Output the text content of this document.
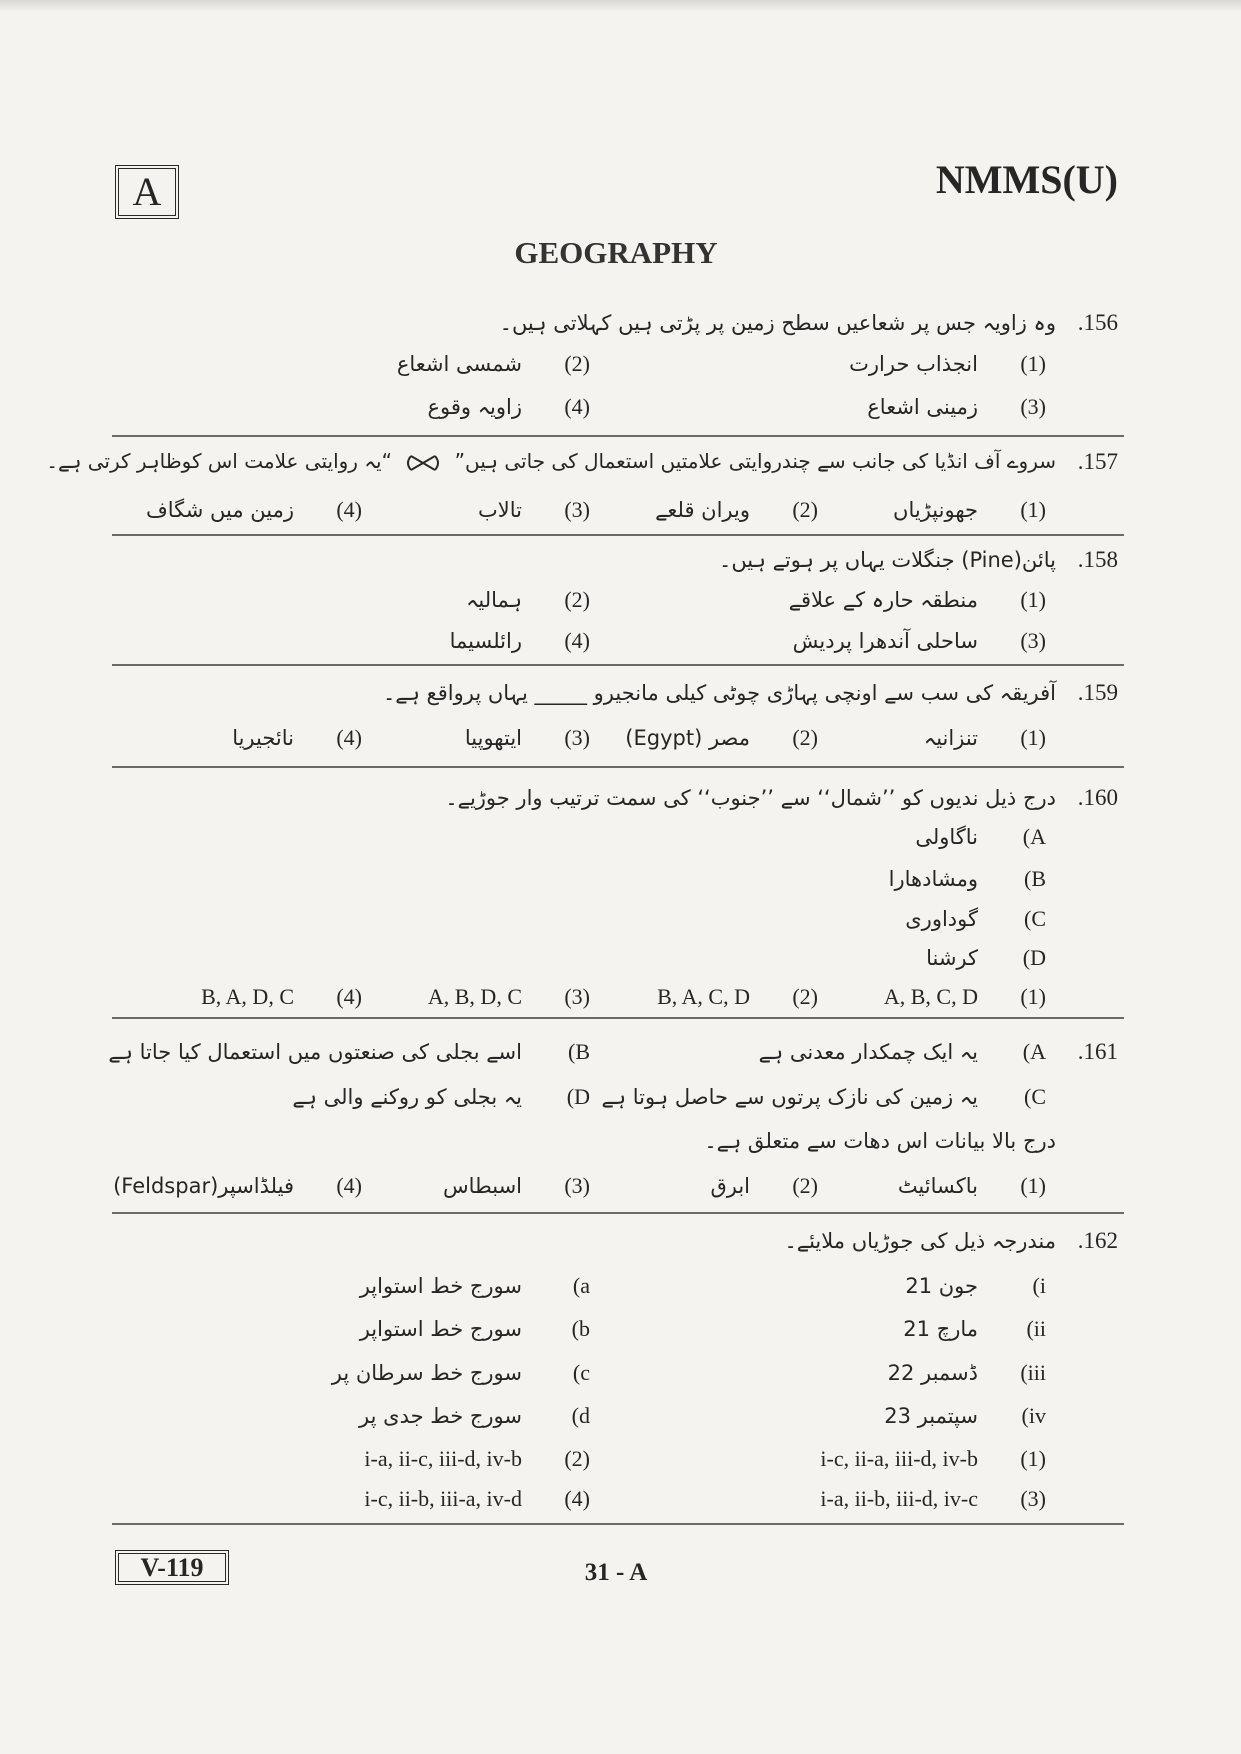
A	NMMS(U)
GEOGRAPHY
156.
وہ زاویہ جس پر شعاعیں سطح زمین پر پڑتی ہیں کہلاتی ہیں۔
(1)
انجذاب حرارت
(2)
شمسی اشعاع
(3)
زمینی اشعاع
(4)
زاویہ وقوع
157.
سروے آف انڈیا کی جانب سے چندروایتی علامتیں استعمال کی جاتی ہیں”  “یہ روایتی علامت اس کوظاہر کرتی ہے۔
(1)
جھونپڑیاں
(2)
ویران قلعے
(3)
تالاب
(4)
زمین میں شگاف
158.
پائن(Pine) جنگلات یہاں پر ہوتے ہیں۔
(1)
منطقہ حارہ کے علاقے
(2)
ہمالیہ
(3)
ساحلی آندھرا پردیش
(4)
رائلسیما
159.
آفریقہ کی سب سے اونچی پہاڑی چوٹی کیلی مانجیرو _____ یہاں پرواقع ہے۔
(1)
تنزانیہ
(2)
مصر (Egypt)
(3)
ایتھوپیا
(4)
نائجیریا
160.
درج ذیل ندیوں کو ’’شمال‘‘ سے ’’جنوب‘‘ کی سمت ترتیب وار جوڑیے۔
A)
ناگاولی
B)
ومشادھارا
C)
گوداوری
D)
کرشنا
(1)
A, B, C, D
(2)
B, A, C, D
(3)
A, B, D, C
(4)
B, A, D, C
161.
A)
یہ ایک چمکدار معدنی ہے
B)
اسے بجلی کی صنعتوں میں استعمال کیا جاتا ہے
C)
یہ زمین کی نازک پرتوں سے حاصل ہوتا ہے
D)
یہ بجلی کو روکنے والی ہے
درج بالا بیانات اس دھات سے متعلق ہے۔
(1)
باکسائیٹ
(2)
ابرق
(3)
اسبطاس
(4)
فیلڈاسپر(Feldspar)
162.
مندرجہ ذیل کی جوڑیاں ملایئے۔
i)
جون 21
a)
سورج خط استواپر
ii)
مارچ 21
b)
سورج خط استواپر
iii)
ڈسمبر 22
c)
سورج خط سرطان پر
iv)
سپتمبر 23
d)
سورج خط جدی پر
(1)
i-c, ii-a, iii-d, iv-b
(2)
i-a, ii-c, iii-d, iv-b
(3)
i-a, ii-b, iii-d, iv-c
(4)
i-c, ii-b, iii-a, iv-d
V-119	31 - A
